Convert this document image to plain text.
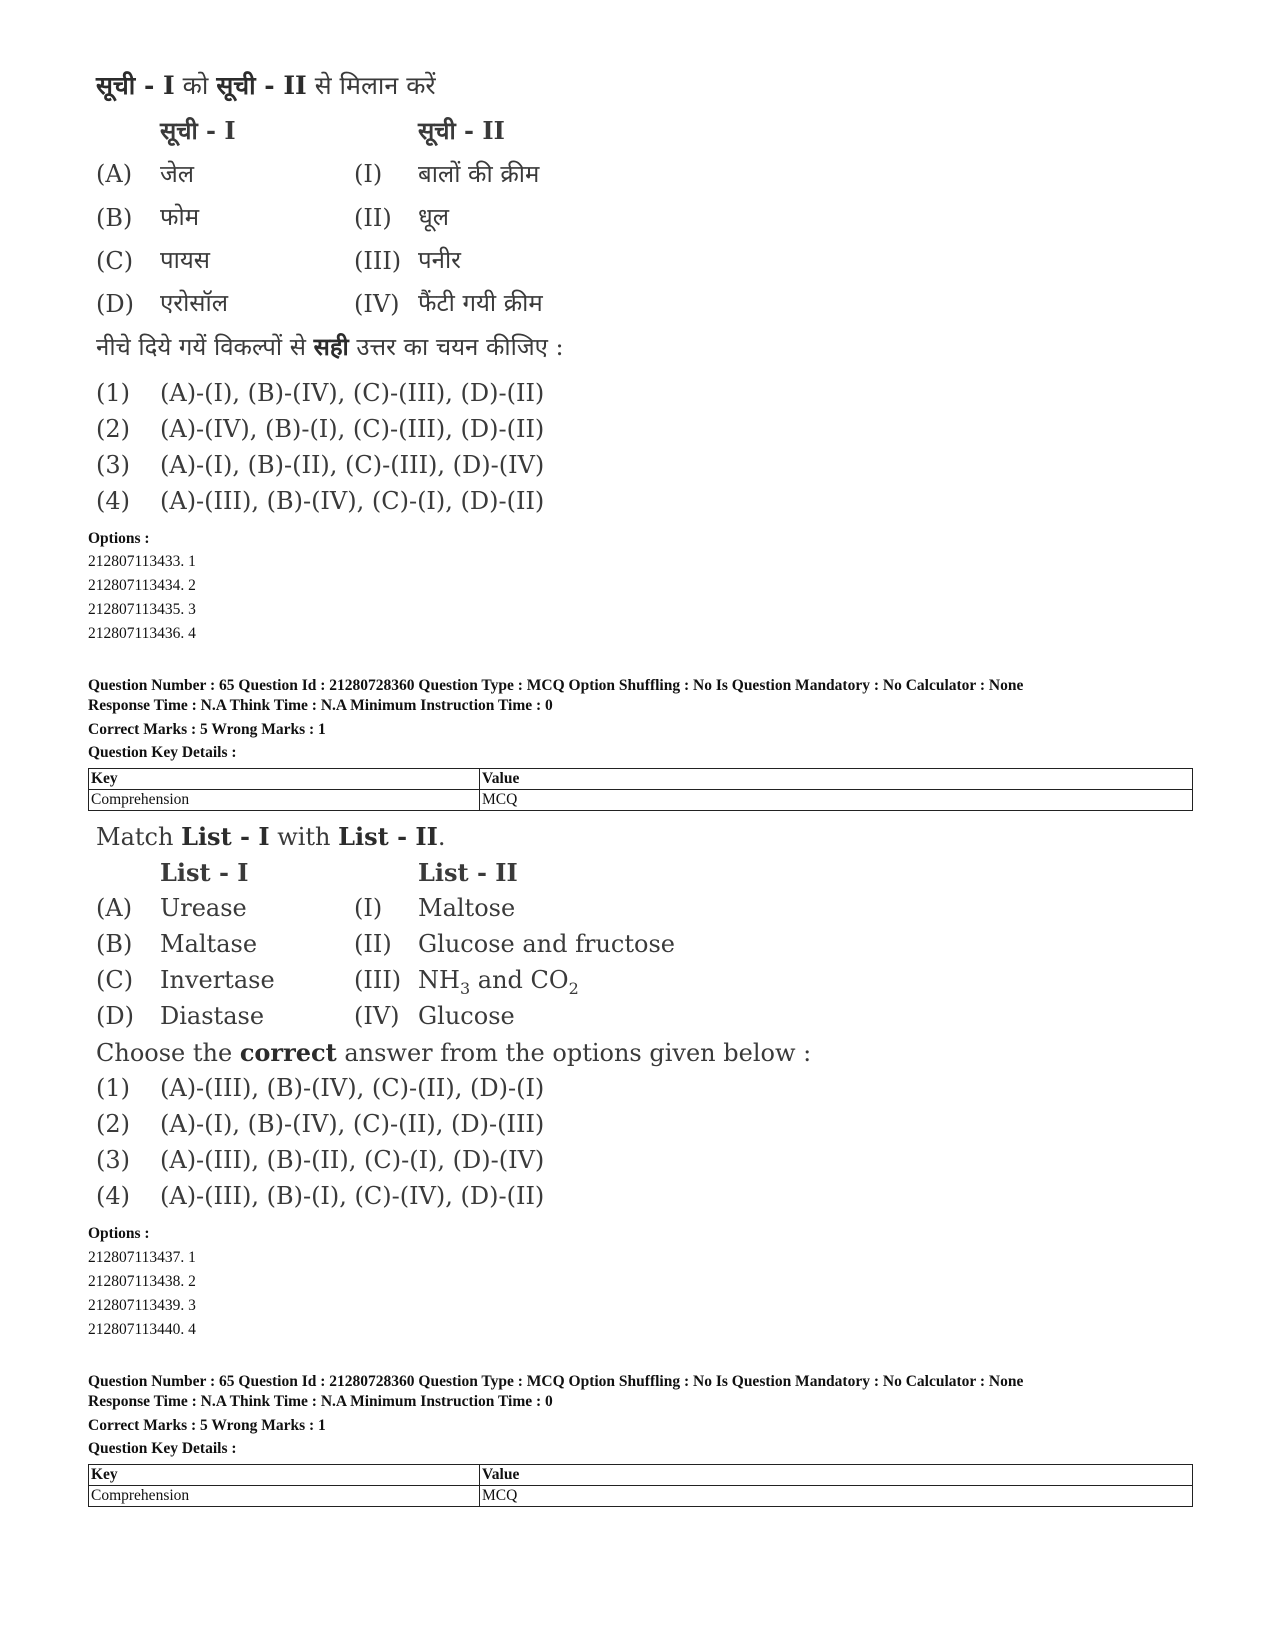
सूची - I को सूची - II से मिलान करें
सूची - I	सूची - II
(A) जेल	(I) बालों की क्रीम
(B) फोम	(II) धूल
(C) पायस	(III) पनीर
(D) एरोसॉल	(IV) फैंटी गयी क्रीम
नीचे दिये गयें विकल्पों से सही उत्तर का चयन कीजिए :
(1) (A)-(I), (B)-(IV), (C)-(III), (D)-(II)
(2) (A)-(IV), (B)-(I), (C)-(III), (D)-(II)
(3) (A)-(I), (B)-(II), (C)-(III), (D)-(IV)
(4) (A)-(III), (B)-(IV), (C)-(I), (D)-(II)
Options :
212807113433. 1
212807113434. 2
212807113435. 3
212807113436. 4
Question Number : 65 Question Id : 21280728360 Question Type : MCQ Option Shuffling : No Is Question Mandatory : No Calculator : None
Response Time : N.A Think Time : N.A Minimum Instruction Time : 0
Correct Marks : 5 Wrong Marks : 1
Question Key Details :
Key	Value
Comprehension	MCQ
Match List - I with List - II.
List - I	List - II
(A) Urease	(I) Maltose
(B) Maltase	(II) Glucose and fructose
(C) Invertase	(III) $NH_3$ and $CO_2$
(D) Diastase	(IV) Glucose
Choose the correct answer from the options given below :
(1) (A)-(III), (B)-(IV), (C)-(II), (D)-(I)
(2) (A)-(I), (B)-(IV), (C)-(II), (D)-(III)
(3) (A)-(III), (B)-(II), (C)-(I), (D)-(IV)
(4) (A)-(III), (B)-(I), (C)-(IV), (D)-(II)
Options :
212807113437. 1
212807113438. 2
212807113439. 3
212807113440. 4
Question Number : 65 Question Id : 21280728360 Question Type : MCQ Option Shuffling : No Is Question Mandatory : No Calculator : None
Response Time : N.A Think Time : N.A Minimum Instruction Time : 0
Correct Marks : 5 Wrong Marks : 1
Question Key Details :
Key	Value
Comprehension	MCQ
